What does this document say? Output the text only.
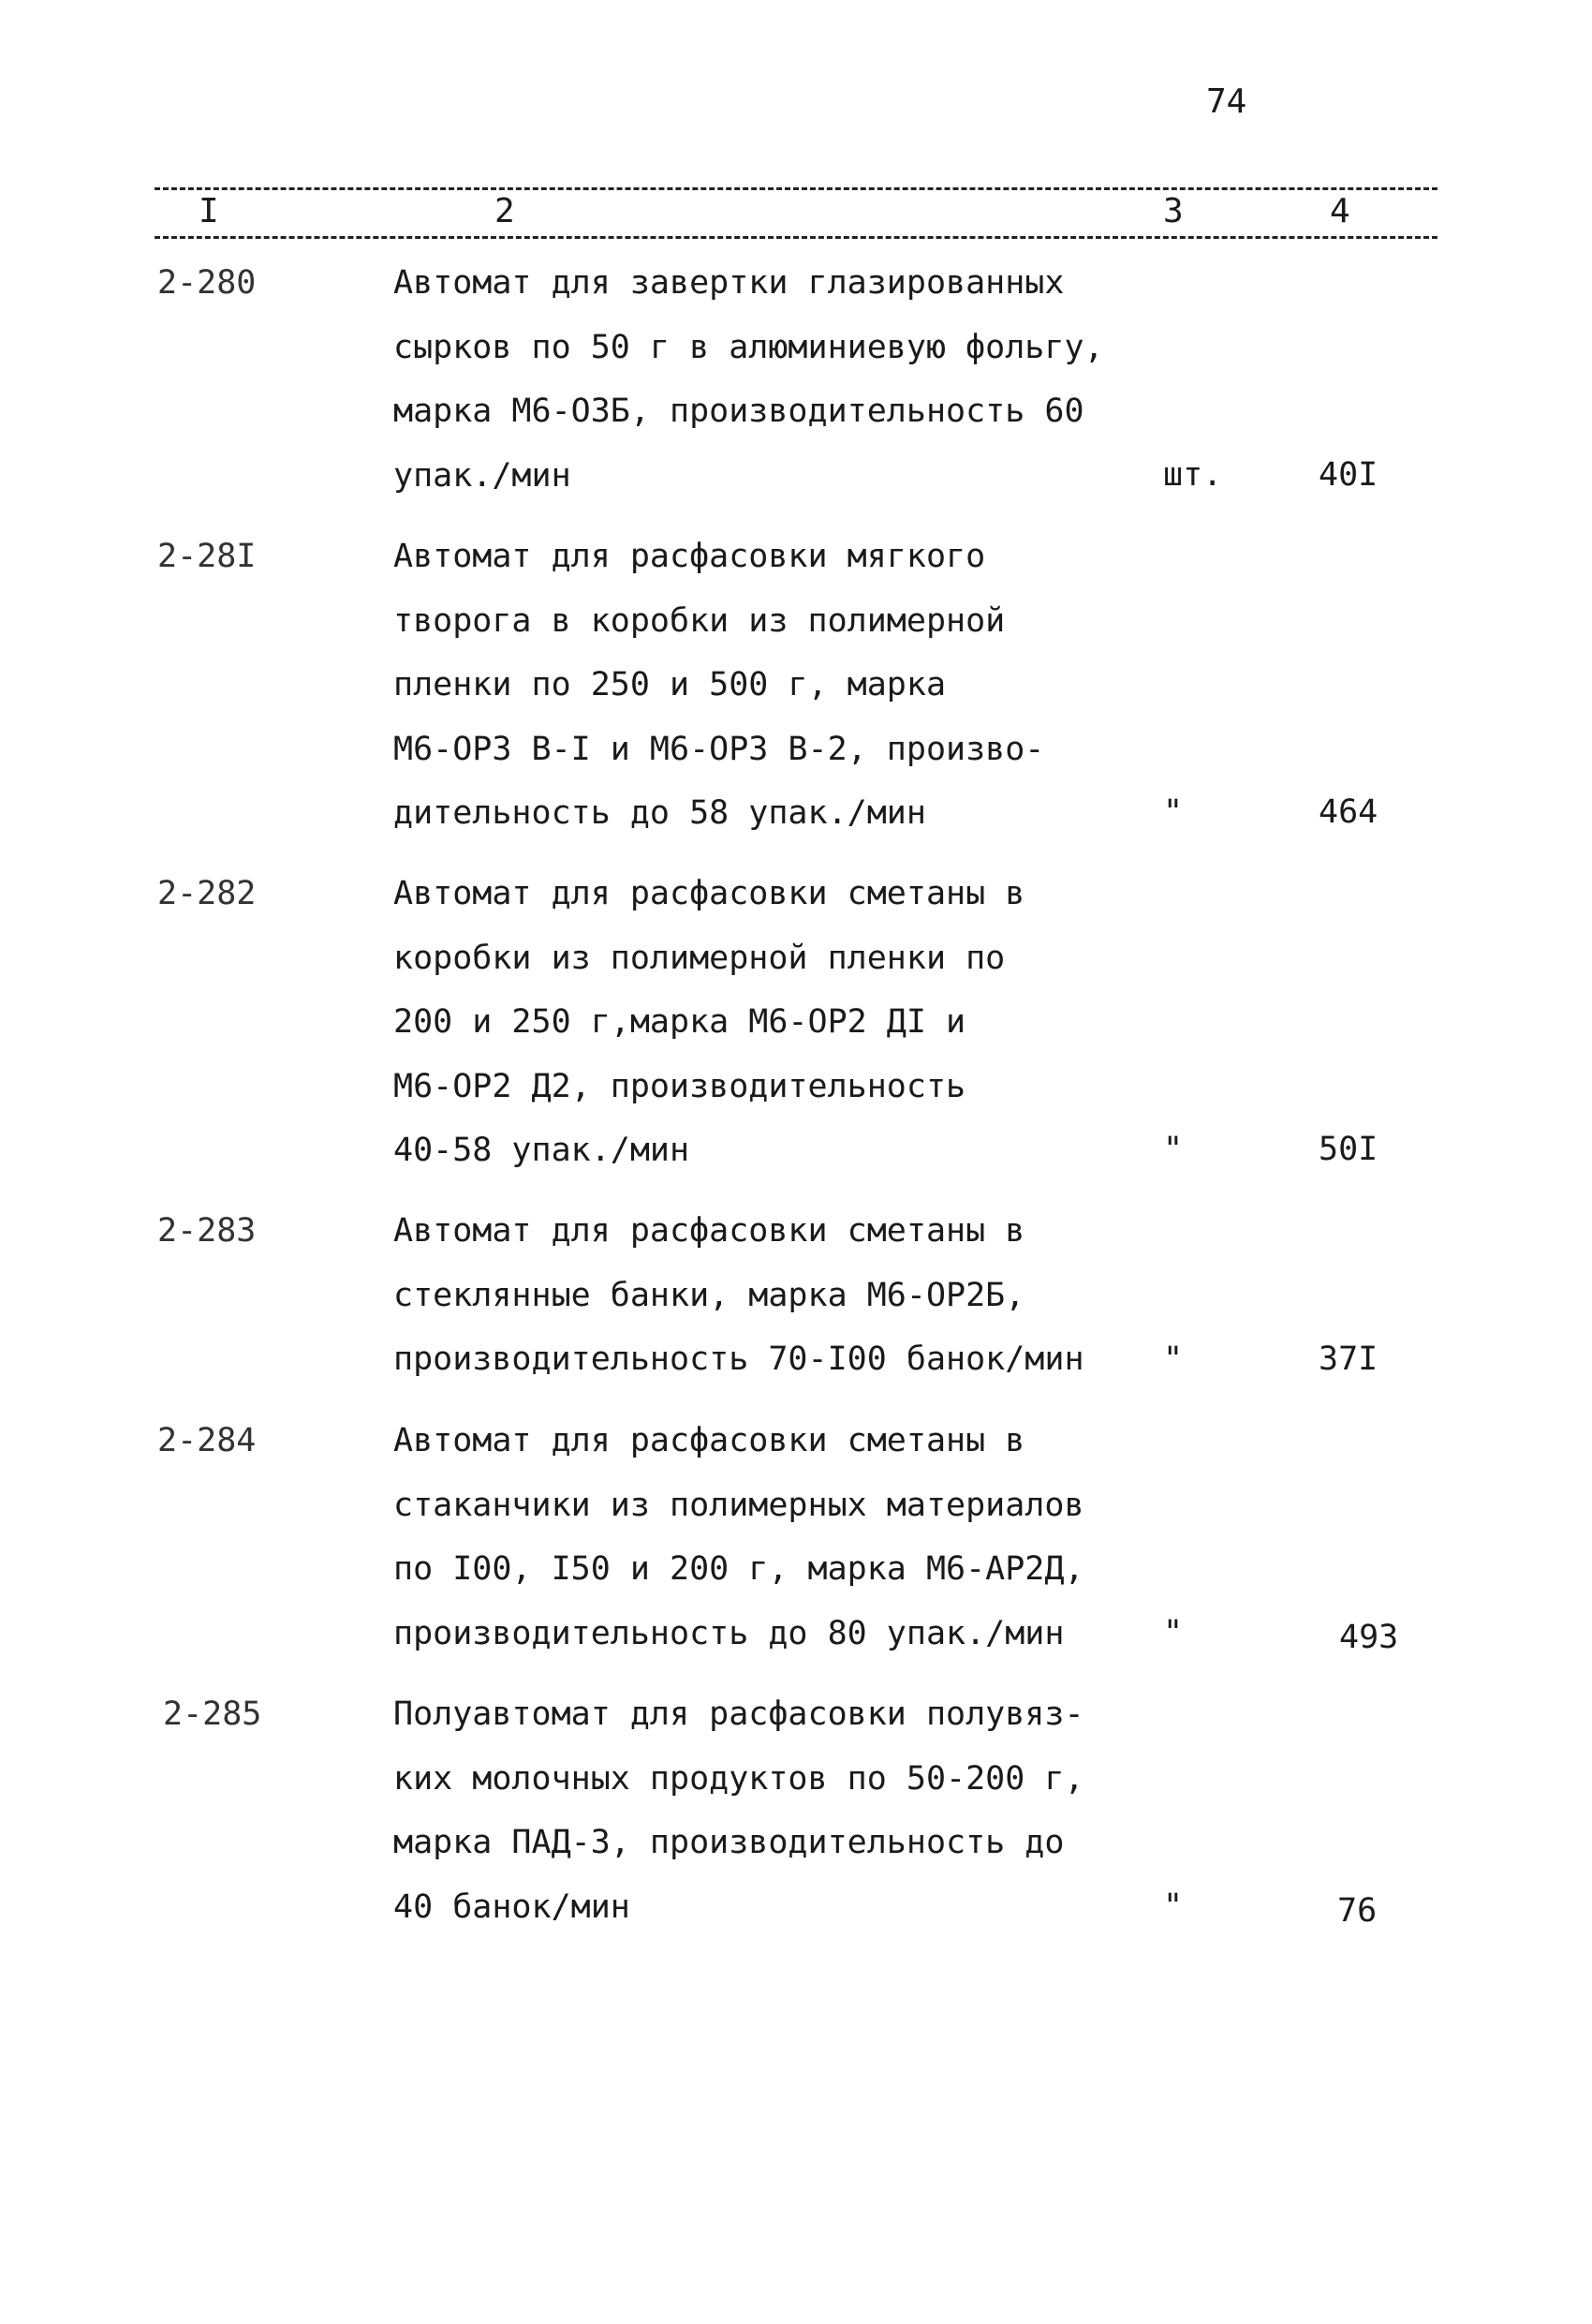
74
I	2	3	4
2-280	Автомат для завертки глазированных
сырков по 50 г в алюминиевую фольгу,
марка М6-ОЗБ, производительность 60
упак./мин	шт.	40I
2-28I	Автомат для расфасовки мягкого
творога в коробки из полимерной
пленки по 250 и 500 г, марка
М6-ОРЗ В-I и М6-ОРЗ В-2, произво-
дительность до 58 упак./мин	"	464
2-282	Автомат для расфасовки сметаны в
коробки из полимерной пленки по
200 и 250 г,марка М6-ОР2 ДI и
М6-ОР2 Д2, производительность
40-58 упак./мин	"	50I
2-283	Автомат для расфасовки сметаны в
стеклянные банки, марка М6-ОР2Б,
производительность 70-I00 банок/мин	"	37I
2-284	Автомат для расфасовки сметаны в
стаканчики из полимерных материалов
по I00, I50 и 200 г, марка М6-АР2Д,
производительность до 80 упак./мин	"	493
2-285	Полуавтомат для расфасовки полувяз-
ких молочных продуктов по 50-200 г,
марка ПАД-3, производительность до
40 банок/мин	"	76
